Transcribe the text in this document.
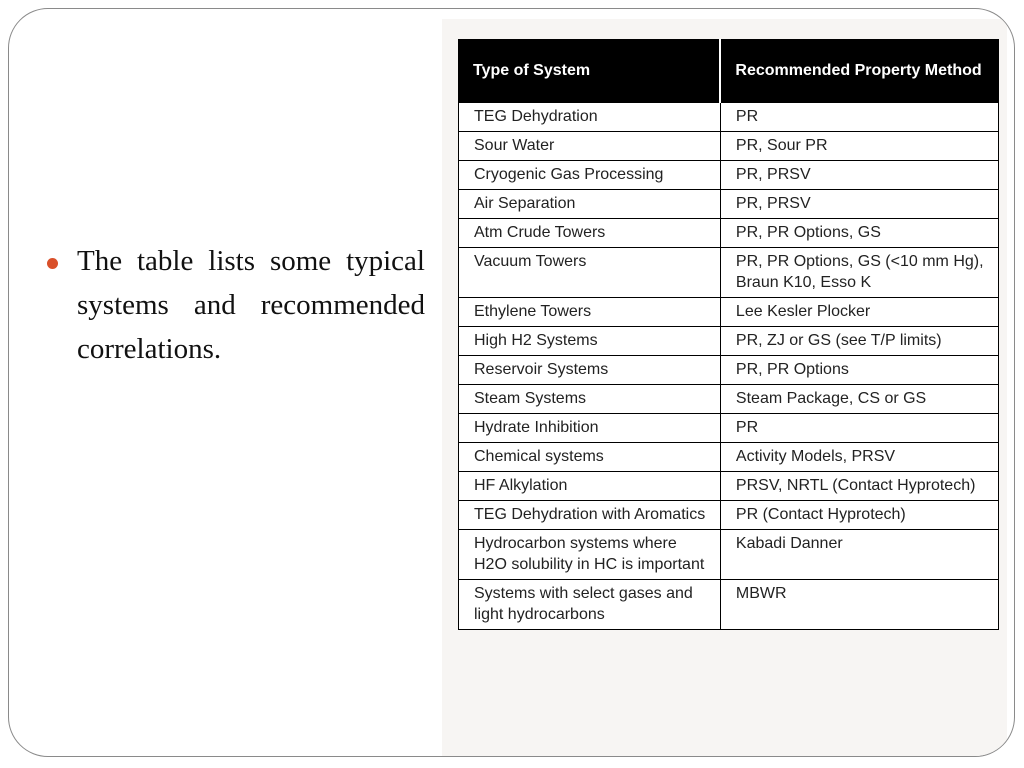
The table lists some typical systems and recommended correlations.
Type of System	Recommended Property Method
TEG Dehydration	PR
Sour Water	PR, Sour PR
Cryogenic Gas Processing	PR, PRSV
Air Separation	PR, PRSV
Atm Crude Towers	PR, PR Options, GS
Vacuum Towers	PR, PR Options, GS (<10 mm Hg), Braun K10, Esso K
Ethylene Towers	Lee Kesler Plocker
High H2 Systems	PR, ZJ or GS (see T/P limits)
Reservoir Systems	PR, PR Options
Steam Systems	Steam Package, CS or GS
Hydrate Inhibition	PR
Chemical systems	Activity Models, PRSV
HF Alkylation	PRSV, NRTL (Contact Hyprotech)
TEG Dehydration with Aromatics	PR (Contact Hyprotech)
Hydrocarbon systems where H2O solubility in HC is important	Kabadi Danner
Systems with select gases and light hydrocarbons	MBWR
